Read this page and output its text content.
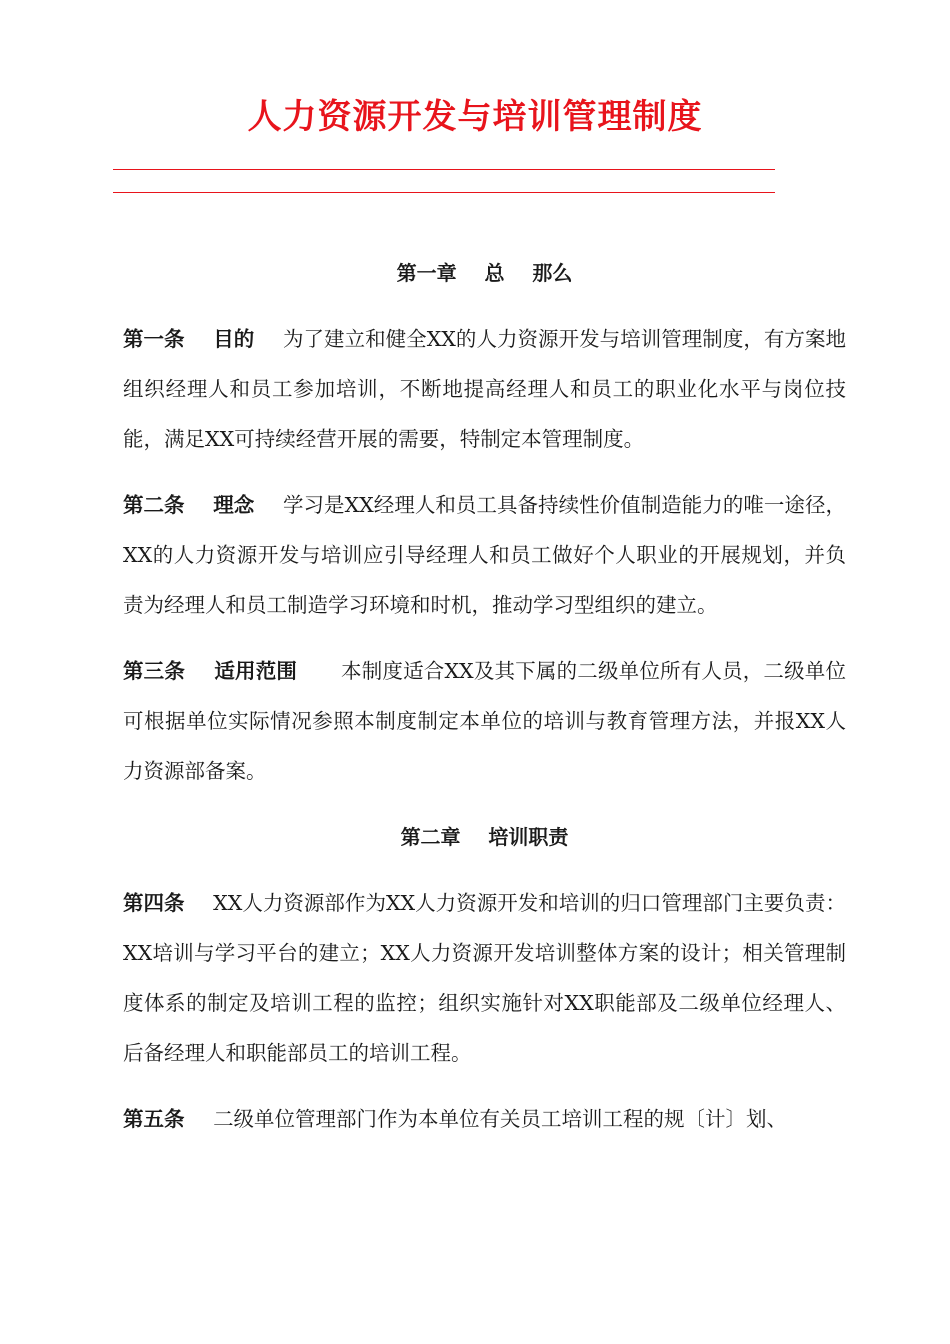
人力资源开发与培训管理制度
第一章    总    那么

第一条    目的    为了建立和健全XX的人力资源开发与培训管理制度，有方案地组织经理人和员工参加培训，不断地提高经理人和员工的职业化水平与岗位技能，满足XX可持续经营开展的需要，特制定本管理制度。

第二条    理念    学习是XX经理人和员工具备持续性价值制造能力的唯一途径，XX的人力资源开发与培训应引导经理人和员工做好个人职业的开展规划，并负责为经理人和员工制造学习环境和时机，推动学习型组织的建立。

第三条    适用范围      本制度适合XX及其下属的二级单位所有人员，二级单位可根据单位实际情况参照本制度制定本单位的培训与教育管理方法，并报XX人力资源部备案。

第二章    培训职责

第四条    XX人力资源部作为XX人力资源开发和培训的归口管理部门主要负责：XX培训与学习平台的建立；XX人力资源开发培训整体方案的设计；相关管理制度体系的制定及培训工程的监控；组织实施针对XX职能部及二级单位经理人、后备经理人和职能部员工的培训工程。

第五条    二级单位管理部门作为本单位有关员工培训工程的规〔计〕划、
